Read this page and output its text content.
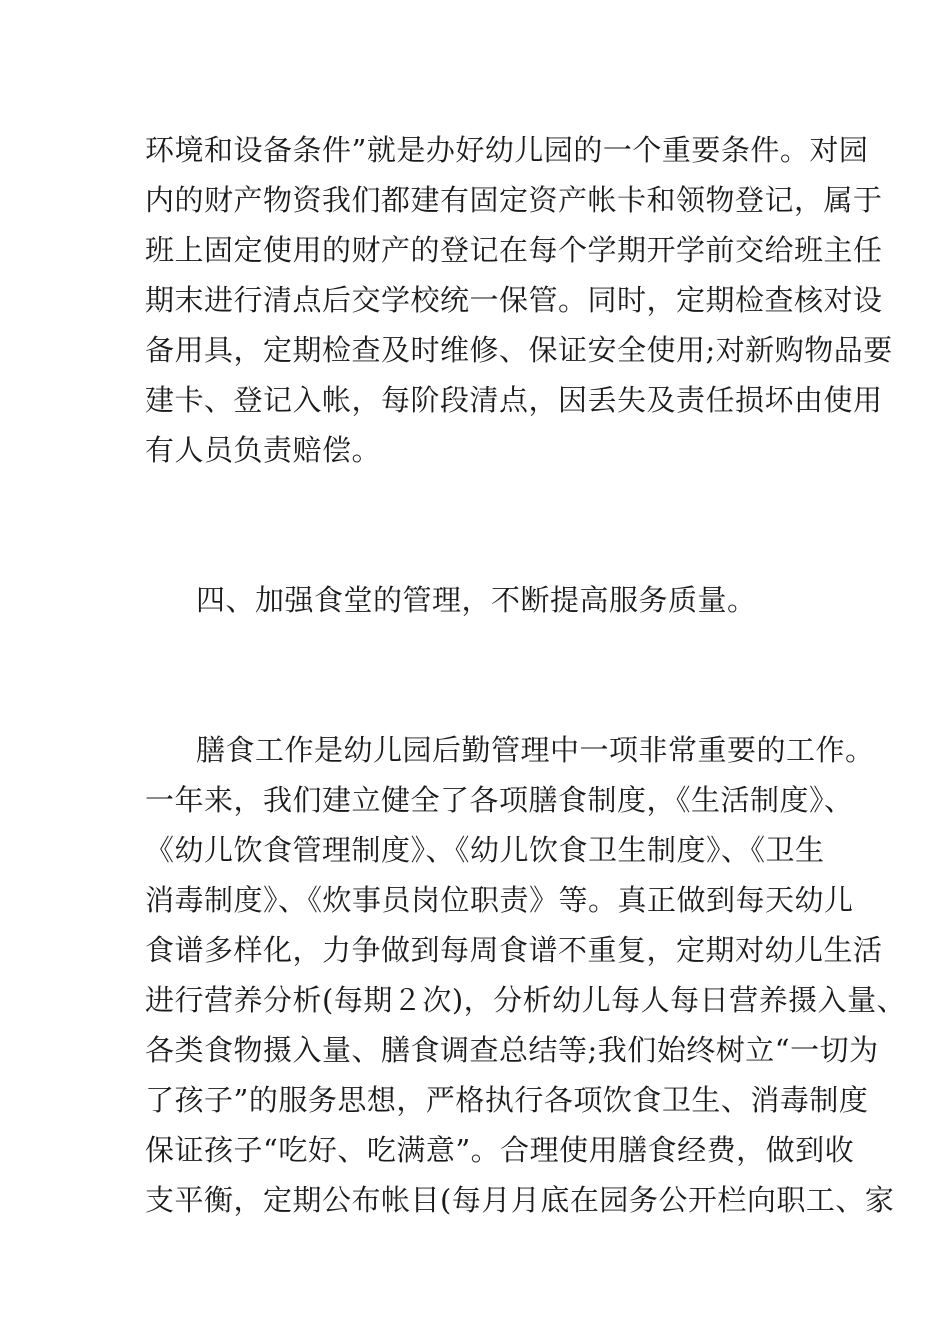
环境和设备条件”就是办好幼儿园的一个重要条件。对园
内的财产物资我们都建有固定资产帐卡和领物登记，属于
班上固定使用的财产的登记在每个学期开学前交给班主任
期末进行清点后交学校统一保管。同时，定期检查核对设
备用具，定期检查及时维修、保证安全使用;对新购物品要
建卡、登记入帐，每阶段清点，因丢失及责任损坏由使用
有人员负责赔偿。
四、加强食堂的管理，不断提高服务质量。
膳食工作是幼儿园后勤管理中一项非常重要的工作。
一年来，我们建立健全了各项膳食制度，《生活制度》、
《幼儿饮食管理制度》、《幼儿饮食卫生制度》、《卫生
消毒制度》、《炊事员岗位职责》等。真正做到每天幼儿
食谱多样化，力争做到每周食谱不重复，定期对幼儿生活
进行营养分析(每期２次)，分析幼儿每人每日营养摄入量、
各类食物摄入量、膳食调查总结等;我们始终树立“一切为
了孩子”的服务思想，严格执行各项饮食卫生、消毒制度
保证孩子“吃好、吃满意”。合理使用膳食经费，做到收
支平衡，定期公布帐目(每月月底在园务公开栏向职工、家
